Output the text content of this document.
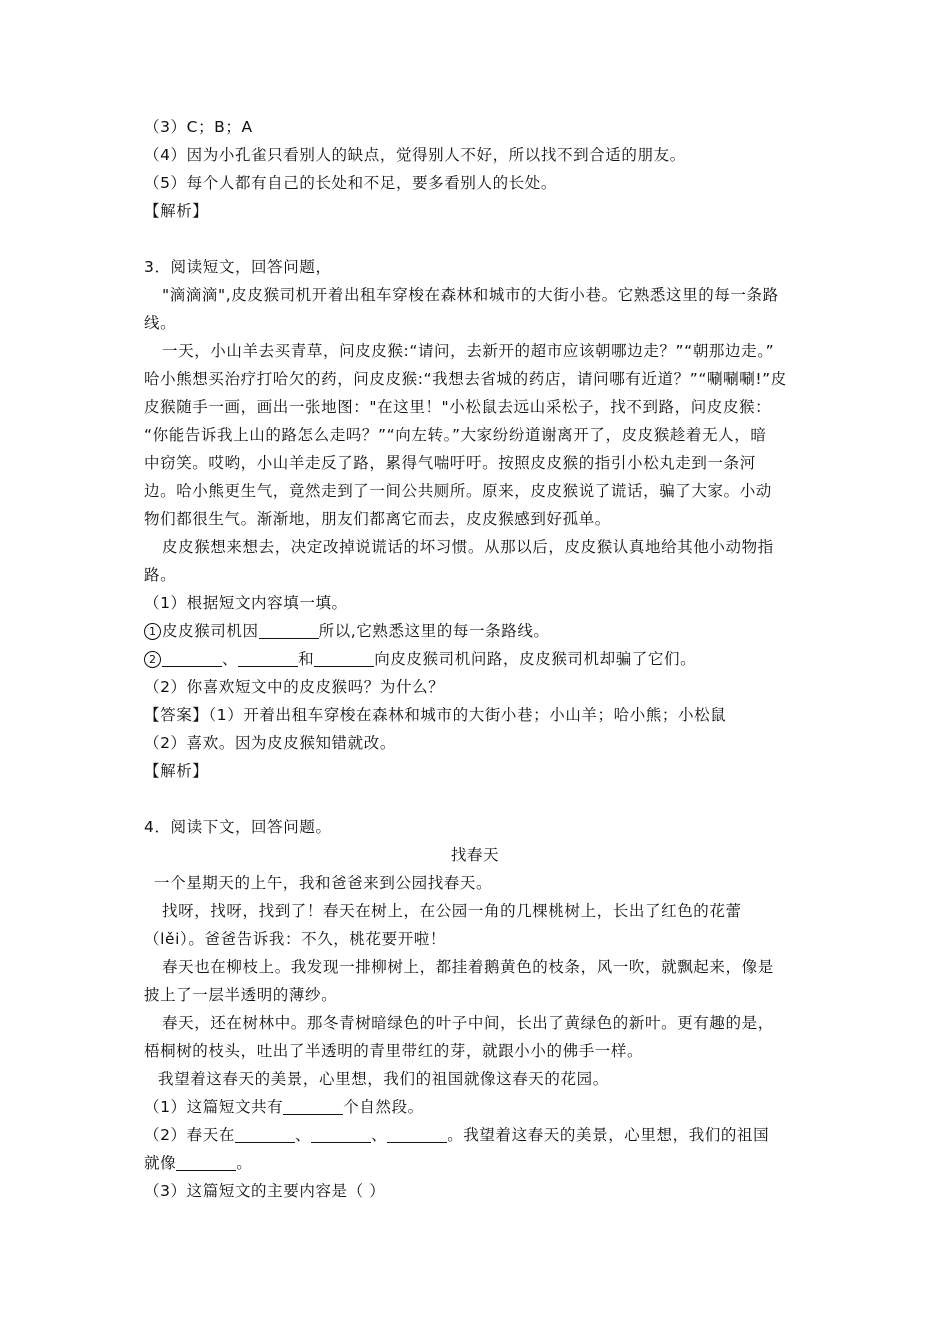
（3）C；B；A
（4）因为小孔雀只看别人的缺点，觉得别人不好，所以找不到合适的朋友。
（5）每个人都有自己的长处和不足，要多看别人的长处。
【解析】
3．阅读短文，回答问题，
"滴滴滴",皮皮猴司机开着出租车穿梭在森林和城市的大街小巷。它熟悉这里的每一条路
线。
一天，小山羊去买青草，问皮皮猴:“请问，去新开的超市应该朝哪边走？”“朝那边走。”
哈小熊想买治疗打哈欠的药，问皮皮猴:“我想去省城的药店，请问哪有近道？”“唰唰唰!”皮
皮猴随手一画，画出一张地图："在这里！"小松鼠去远山采松子，找不到路，问皮皮猴：
“你能告诉我上山的路怎么走吗？”“向左转。”大家纷纷道谢离开了，皮皮猴趁着无人，暗
中窃笑。哎哟，小山羊走反了路，累得气喘吁吁。按照皮皮猴的指引小松丸走到一条河
边。哈小熊更生气，竟然走到了一间公共厕所。原来，皮皮猴说了谎话，骗了大家。小动
物们都很生气。渐渐地，朋友们都离它而去，皮皮猴感到好孤单。
皮皮猴想来想去，决定改掉说谎话的坏习惯。从那以后，皮皮猴认真地给其他小动物指
路。
（1）根据短文内容填一填。
1 皮皮猴司机因	所以,它熟悉这里的每一条路线。
2	、	和	向皮皮猴司机问路，皮皮猴司机却骗了它们。
（2）你喜欢短文中的皮皮猴吗？为什么？
【答案】（1）开着出租车穿梭在森林和城市的大街小巷；小山羊；哈小熊；小松鼠
（2）喜欢。因为皮皮猴知错就改。
【解析】
4．阅读下文，回答问题。
找春天
一个星期天的上午，我和爸爸来到公园找春天。
找呀，找呀，找到了！春天在树上，在公园一角的几棵桃树上，长出了红色的花蕾
（lěi）。爸爸告诉我：不久，桃花要开啦！
春天也在柳枝上。我发现一排柳树上，都挂着鹅黄色的枝条，风一吹，就飘起来，像是
披上了一层半透明的薄纱。
春天，还在树林中。那冬青树暗绿色的叶子中间，长出了黄绿色的新叶。更有趣的是，
梧桐树的枝头，吐出了半透明的青里带红的芽，就跟小小的佛手一样。
我望着这春天的美景，心里想，我们的祖国就像这春天的花园。
（1）这篇短文共有	个自然段。
（2）春天在	、	、	。我望着这春天的美景，心里想，我们的祖国
就像	。
（3）这篇短文的主要内容是（ ）
